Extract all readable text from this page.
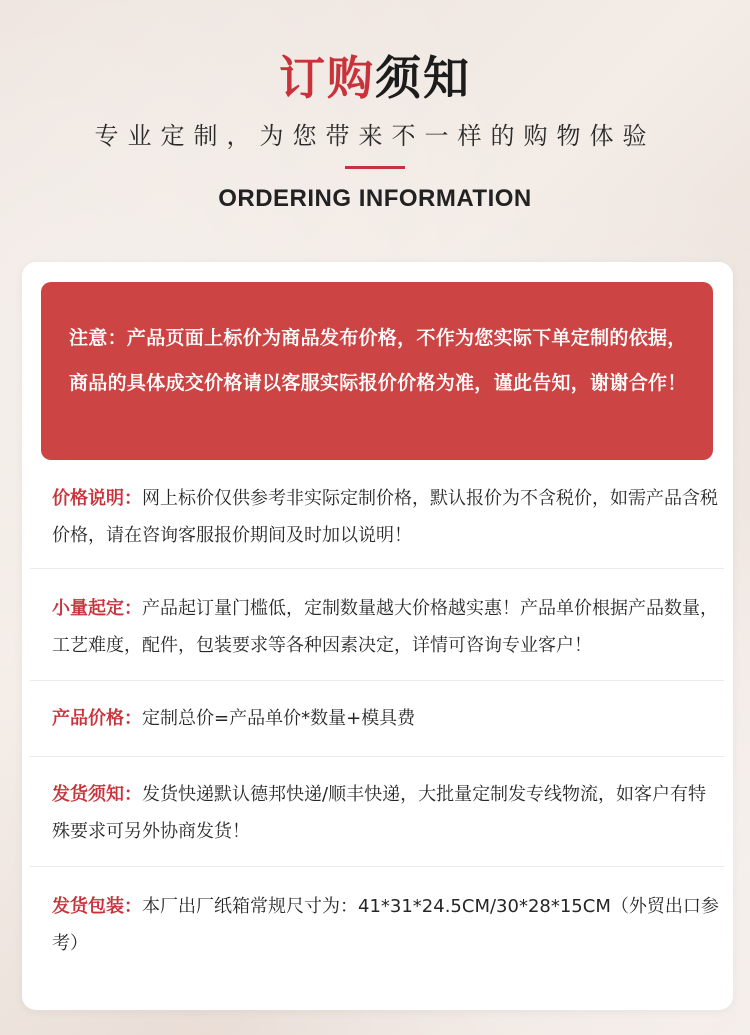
订购须知
专业定制，为您带来不一样的购物体验
ORDERING INFORMATION
注意：产品页面上标价为商品发布价格，不作为您实际下单定制的依据，商品的具体成交价格请以客服实际报价价格为准，谨此告知，谢谢合作！
价格说明：网上标价仅供参考非实际定制价格，默认报价为不含税价，如需产品含税价格，请在咨询客服报价期间及时加以说明！
小量起定：产品起订量门槛低，定制数量越大价格越实惠！产品单价根据产品数量，工艺难度，配件，包装要求等各种因素决定，详情可咨询专业客户！
产品价格：定制总价=产品单价*数量+模具费
发货须知：发货快递默认德邦快递/顺丰快递，大批量定制发专线物流，如客户有特殊要求可另外协商发货！
发货包装：本厂出厂纸箱常规尺寸为：41*31*24.5CM/30*28*15CM（外贸出口参考）
